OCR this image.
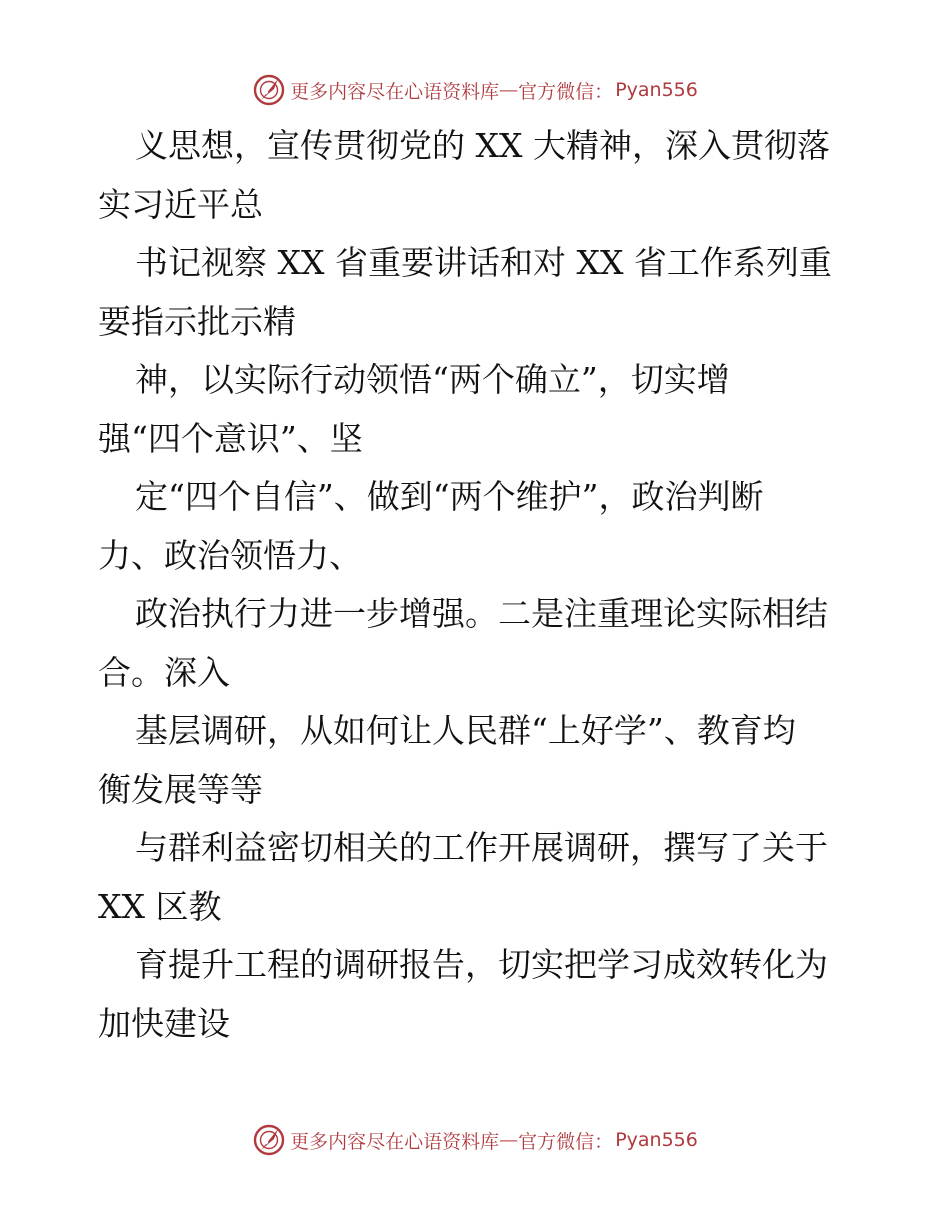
更多内容尽在心语资料库 — 官方微信： Pyan556
义思想，宣传贯彻党的 XX 大精神，深入贯彻落
实习近平总
书记视察 XX 省重要讲话和对 XX 省工作系列重
要指示批示精
神，以实际行动领悟“两个确立”，切实增
强“四个意识”、坚
定“四个自信”、做到“两个维护”，政治判断
力、政治领悟力、
政治执行力进一步增强。二是注重理论实际相结
合。深入
基层调研，从如何让人民群“上好学”、教育均
衡发展等等
与群利益密切相关的工作开展调研，撰写了关于
XX 区教
育提升工程的调研报告，切实把学习成效转化为
加快建设
更多内容尽在心语资料库 — 官方微信： Pyan556
